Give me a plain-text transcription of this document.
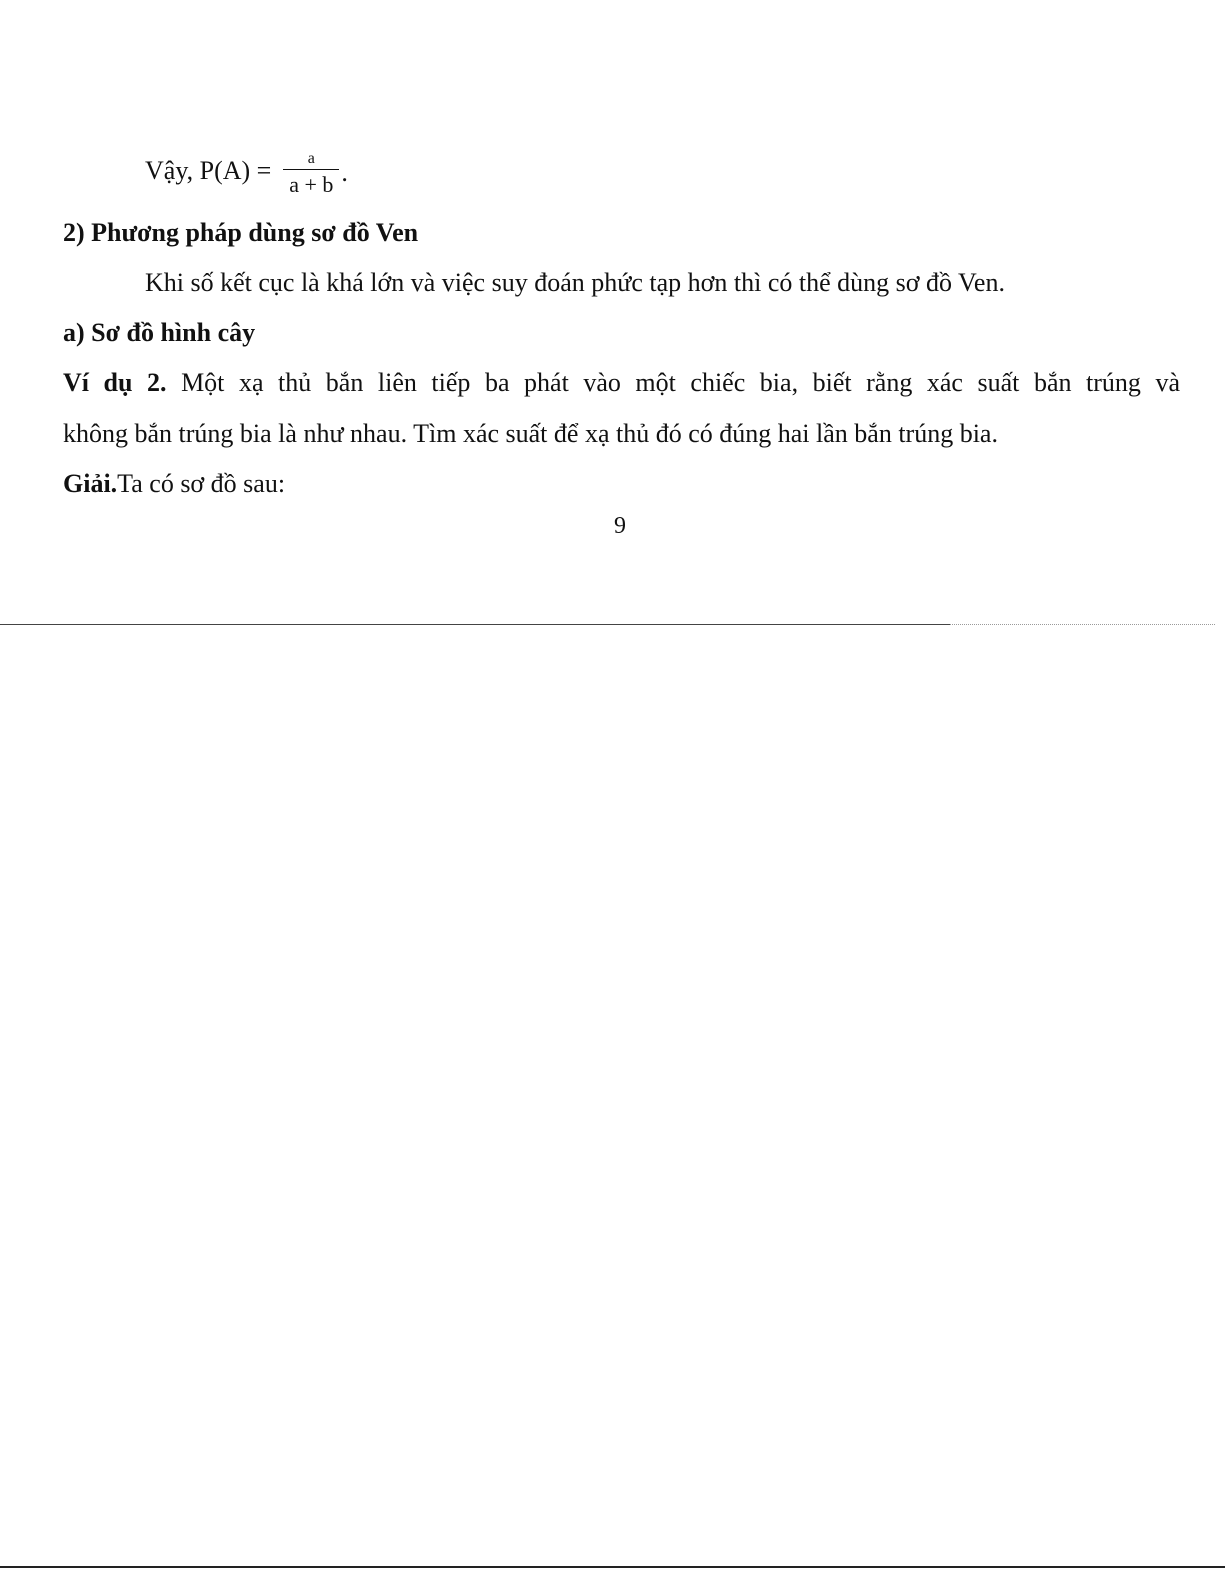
Vậy, $P(A) = \frac{a}{a + b}$ .
2) Phương pháp dùng sơ đồ Ven
Khi số kết cục là khá lớn và việc suy đoán phức tạp hơn thì có thể dùng sơ đồ Ven.
a) Sơ đồ hình cây
Ví dụ 2. Một xạ thủ bắn liên tiếp ba phát vào một chiếc bia, biết rằng xác suất bắn trúng và
không bắn trúng bia là như nhau. Tìm xác suất để xạ thủ đó có đúng hai lần bắn trúng bia.
Giải.Ta có sơ đồ sau:
9
